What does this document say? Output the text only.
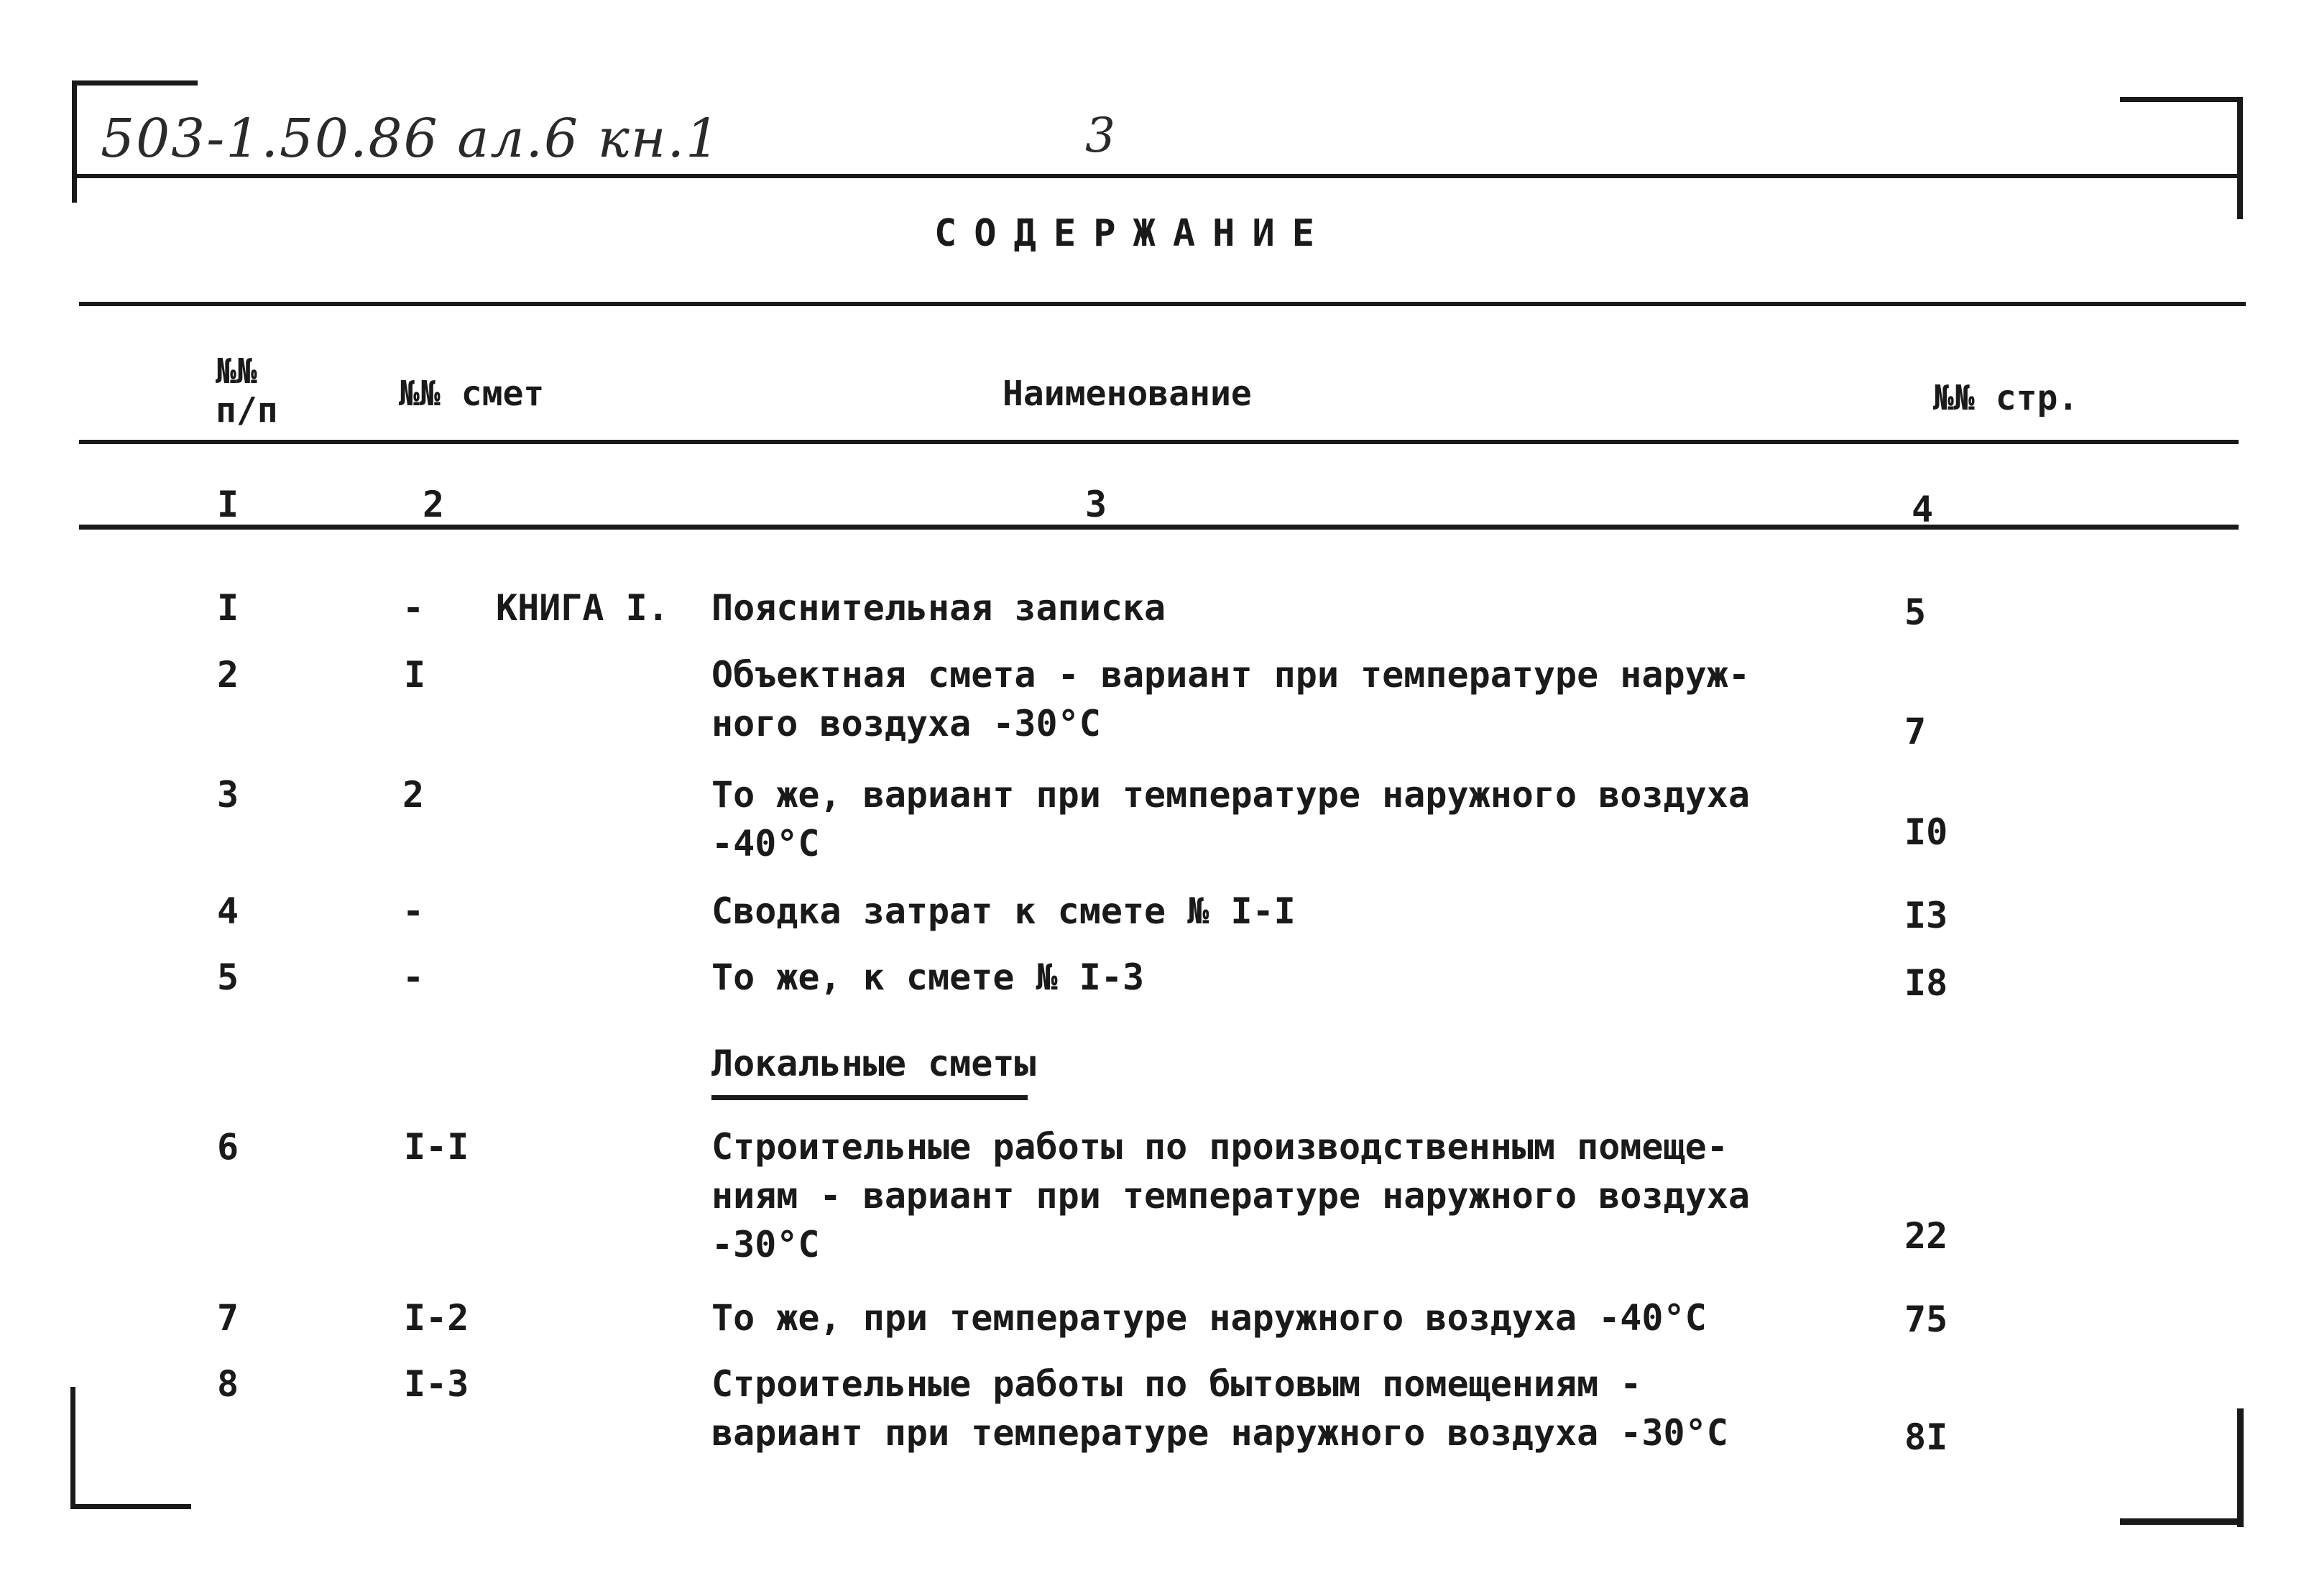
503-1.50.86 ал.6 кн.1	3
СОДЕРЖАНИЕ
№№
п/п	№№ смет	Наименование	№№ стр.
I	2	3	4
I	- КНИГА I. Пояснительная записка	5
2	I	Объектная смета - вариант при температуре наруж-
ного воздуха -30°С	7
3	2	То же, вариант при температуре наружного воздуха
-40°С	I0
4	-	Сводка затрат к смете № I-I	I3
5	-	То же, к смете № I-3	I8
Локальные сметы
6	I-I	Строительные работы по производственным помеще-
ниям - вариант при температуре наружного воздуха
-30°С	22
7	I-2	То же, при температуре наружного воздуха -40°С	75
8	I-3	Строительные работы по бытовым помещениям -
вариант при температуре наружного воздуха -30°С	8I
